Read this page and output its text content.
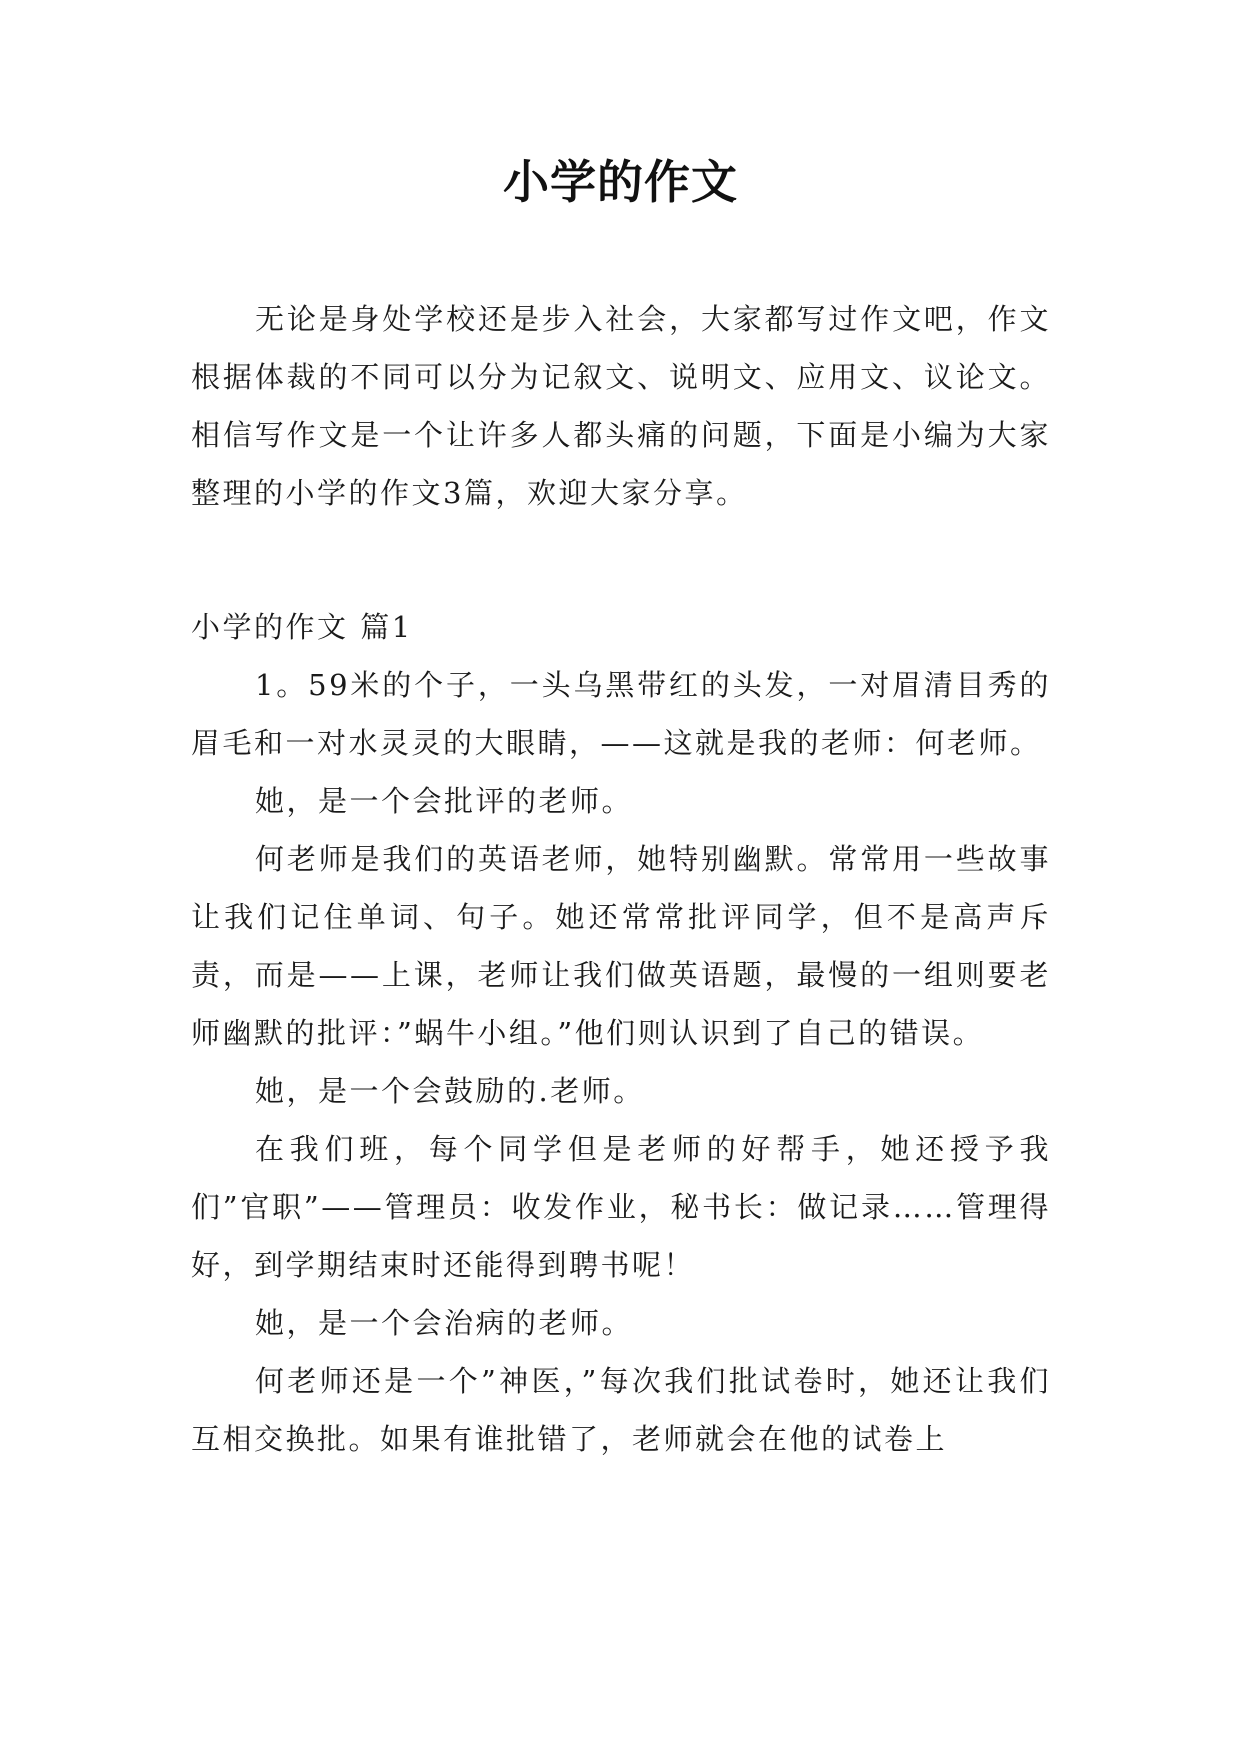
小学的作文

无论是身处学校还是步入社会，大家都写过作文吧，作文根据体裁的不同可以分为记叙文、说明文、应用文、议论文。相信写作文是一个让许多人都头痛的问题，下面是小编为大家整理的小学的作文3篇，欢迎大家分享。

小学的作文 篇1

1。59米的个子，一头乌黑带红的头发，一对眉清目秀的眉毛和一对水灵灵的大眼睛，——这就是我的老师：何老师。

她，是一个会批评的老师。

何老师是我们的英语老师，她特别幽默。常常用一些故事让我们记住单词、句子。她还常常批评同学，但不是高声斥责，而是——上课，老师让我们做英语题，最慢的一组则要老师幽默的批评：”蜗牛小组。”他们则认识到了自己的错误。

她，是一个会鼓励的.老师。

在我们班，每个同学但是老师的好帮手，她还授予我们”官职”——管理员：收发作业，秘书长：做记录……管理得好，到学期结束时还能得到聘书呢！

她，是一个会治病的老师。

何老师还是一个”神医，”每次我们批试卷时，她还让我们互相交换批。如果有谁批错了，老师就会在他的试卷上
